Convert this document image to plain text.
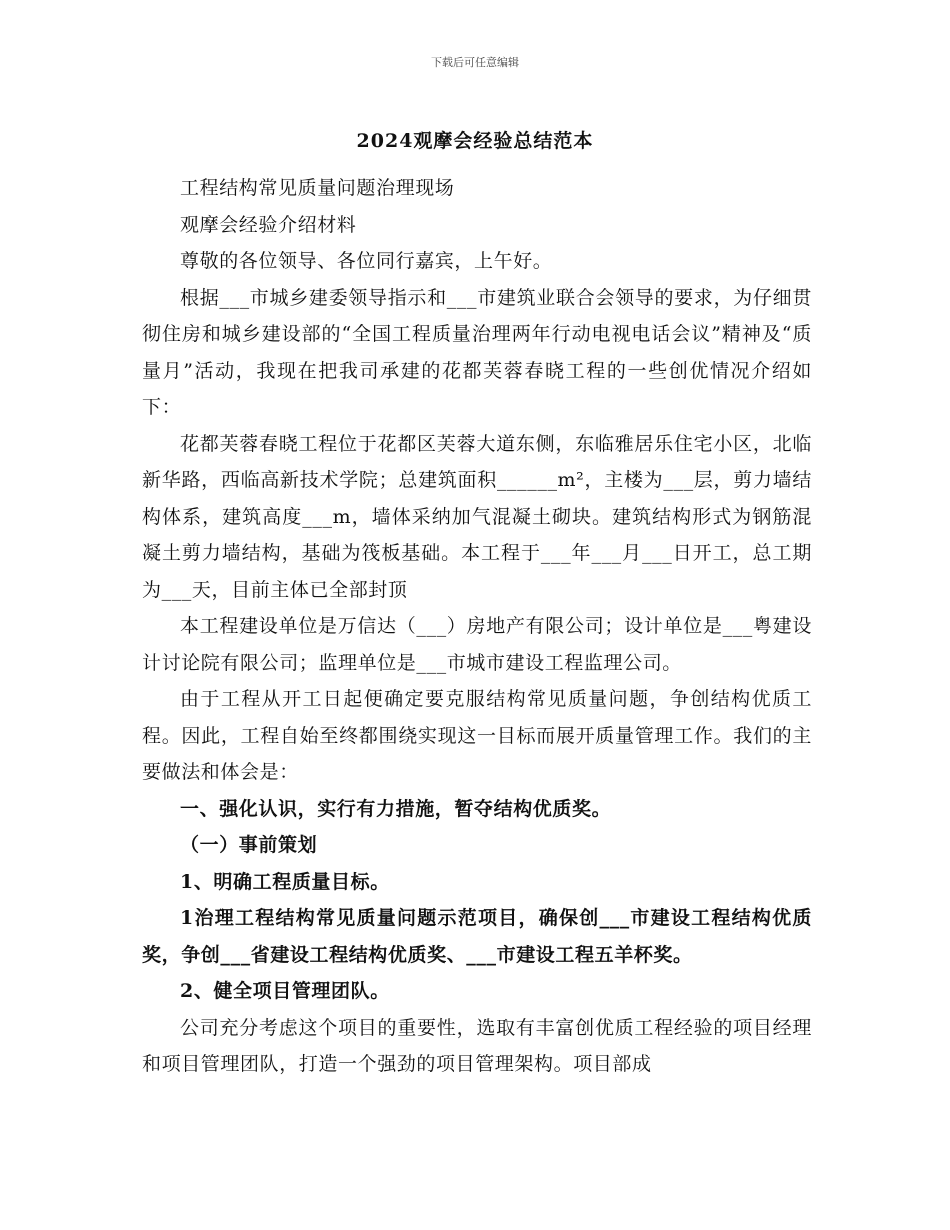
下载后可任意编辑
2024观摩会经验总结范本

工程结构常见质量问题治理现场

观摩会经验介绍材料

尊敬的各位领导、各位同行嘉宾，上午好。

根据___市城乡建委领导指示和___市建筑业联合会领导的要求，为仔细贯彻住房和城乡建设部的“全国工程质量治理两年行动电视电话会议”精神及“质量月”活动，我现在把我司承建的花都芙蓉春晓工程的一些创优情况介绍如下：

花都芙蓉春晓工程位于花都区芙蓉大道东侧，东临雅居乐住宅小区，北临新华路，西临高新技术学院；总建筑面积______m²，主楼为___层，剪力墙结构体系，建筑高度___m，墙体采纳加气混凝土砌块。建筑结构形式为钢筋混凝土剪力墙结构，基础为筏板基础。本工程于___年___月___日开工，总工期为___天，目前主体已全部封顶

本工程建设单位是万信达（___）房地产有限公司；设计单位是___粤建设计讨论院有限公司；监理单位是___市城市建设工程监理公司。

由于工程从开工日起便确定要克服结构常见质量问题，争创结构优质工程。因此，工程自始至终都围绕实现这一目标而展开质量管理工作。我们的主要做法和体会是：

一、强化认识，实行有力措施，暂夺结构优质奖。

（一）事前策划

1、明确工程质量目标。

1治理工程结构常见质量问题示范项目，确保创___市建设工程结构优质奖，争创___省建设工程结构优质奖、___市建设工程五羊杯奖。

2、健全项目管理团队。

公司充分考虑这个项目的重要性，选取有丰富创优质工程经验的项目经理和项目管理团队，打造一个强劲的项目管理架构。项目部成
